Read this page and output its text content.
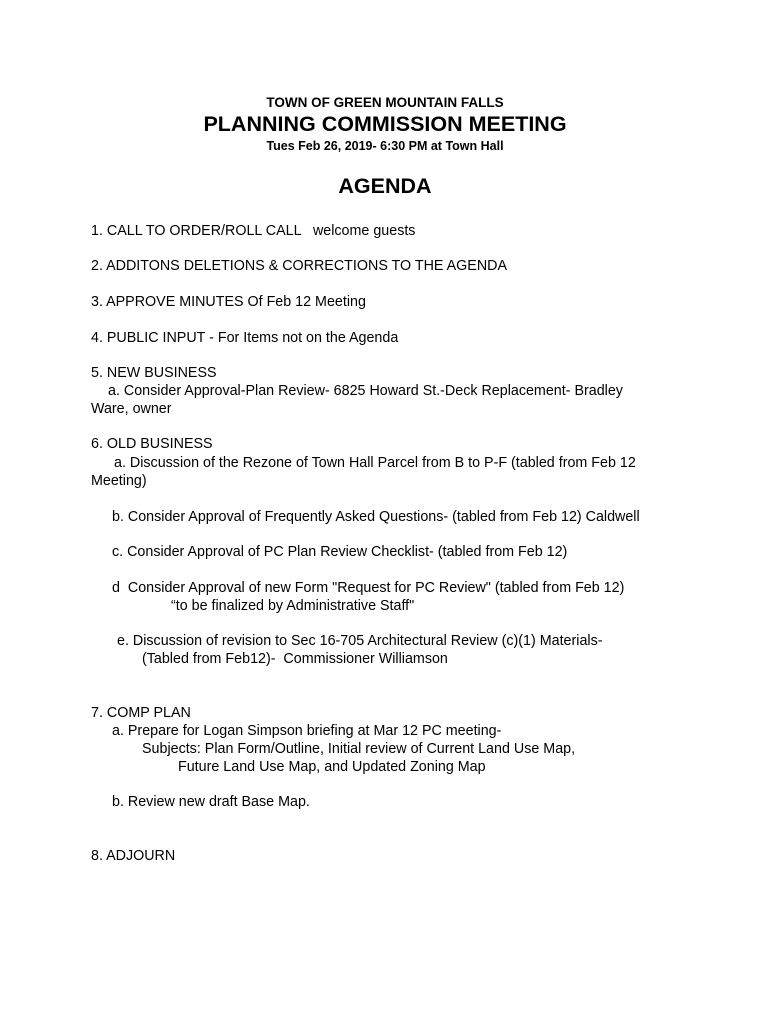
TOWN OF GREEN MOUNTAIN FALLS
PLANNING COMMISSION MEETING
Tues Feb 26, 2019- 6:30 PM at Town Hall
AGENDA
1. CALL TO ORDER/ROLL CALL   welcome guests
2. ADDITONS DELETIONS & CORRECTIONS TO THE AGENDA
3. APPROVE MINUTES Of Feb 12 Meeting
4. PUBLIC INPUT - For Items not on the Agenda
5. NEW BUSINESS
a. Consider Approval-Plan Review- 6825 Howard St.-Deck Replacement- Bradley
Ware, owner
6. OLD BUSINESS
a. Discussion of the Rezone of Town Hall Parcel from B to P-F (tabled from Feb 12
Meeting)
b. Consider Approval of Frequently Asked Questions- (tabled from Feb 12) Caldwell
c. Consider Approval of PC Plan Review Checklist- (tabled from Feb 12)
d  Consider Approval of new Form "Request for PC Review" (tabled from Feb 12)
“to be finalized by Administrative Staff"
e. Discussion of revision to Sec 16-705 Architectural Review (c)(1) Materials-
(Tabled from Feb12)-  Commissioner Williamson
7. COMP PLAN
a. Prepare for Logan Simpson briefing at Mar 12 PC meeting-
Subjects: Plan Form/Outline, Initial review of Current Land Use Map,
Future Land Use Map, and Updated Zoning Map
b. Review new draft Base Map.
8. ADJOURN
